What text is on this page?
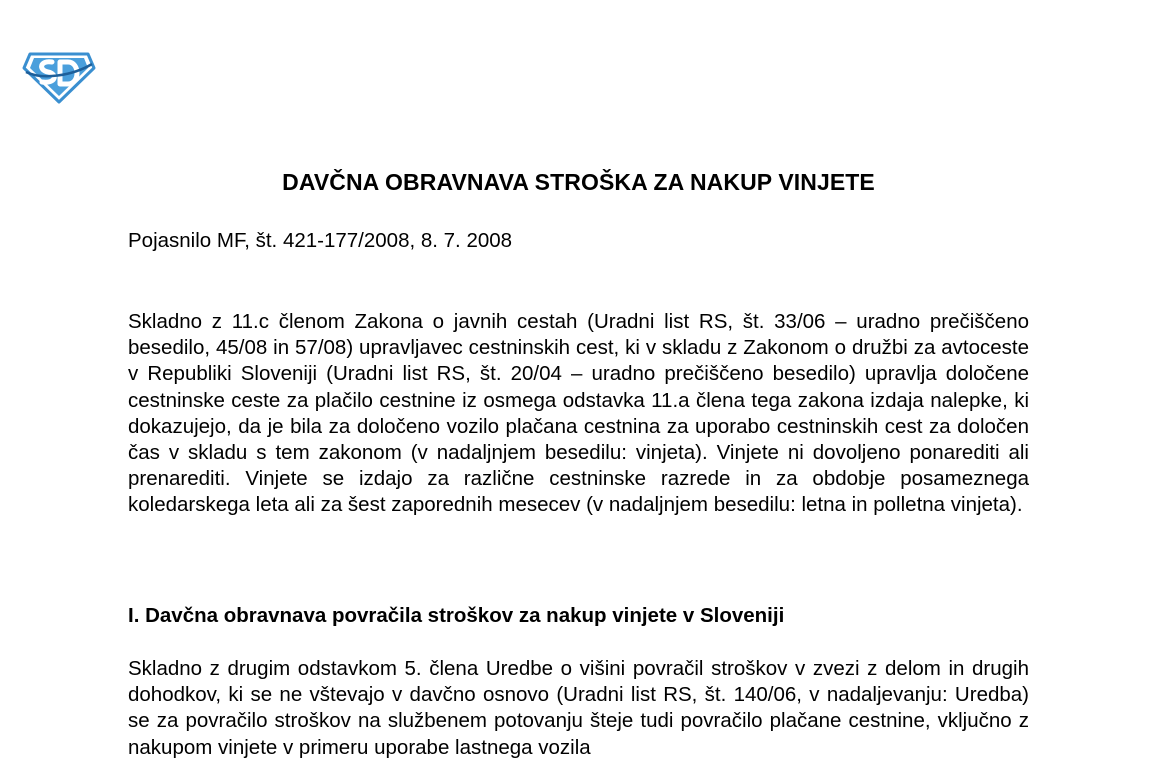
DAVČNA OBRAVNAVA STROŠKA ZA NAKUP VINJETE
Pojasnilo MF, št. 421-177/2008, 8. 7. 2008

Skladno z 11.c členom Zakona o javnih cestah (Uradni list RS, št. 33/06 – uradno prečiščeno besedilo, 45/08 in 57/08) upravljavec cestninskih cest, ki v skladu z Zakonom o družbi za avtoceste v Republiki Sloveniji (Uradni list RS, št. 20/04 – uradno prečiščeno besedilo) upravlja določene cestninske ceste za plačilo cestnine iz osmega odstavka 11.a člena tega zakona izdaja nalepke, ki dokazujejo, da je bila za določeno vozilo plačana cestnina za uporabo cestninskih cest za določen čas v skladu s tem zakonom (v nadaljnjem besedilu: vinjeta). Vinjete ni dovoljeno ponarediti ali prenarediti. Vinjete se izdajo za različne cestninske razrede in za obdobje posameznega koledarskega leta ali za šest zaporednih mesecev (v nadaljnjem besedilu: letna in polletna vinjeta).

I. Davčna obravnava povračila stroškov za nakup vinjete v Sloveniji

Skladno z drugim odstavkom 5. člena Uredbe o višini povračil stroškov v zvezi z delom in drugih dohodkov, ki se ne vštevajo v davčno osnovo (Uradni list RS, št. 140/06, v nadaljevanju: Uredba) se za povračilo stroškov na službenem potovanju šteje tudi povračilo plačane cestnine, vključno z nakupom vinjete v primeru uporabe lastnega vozila
